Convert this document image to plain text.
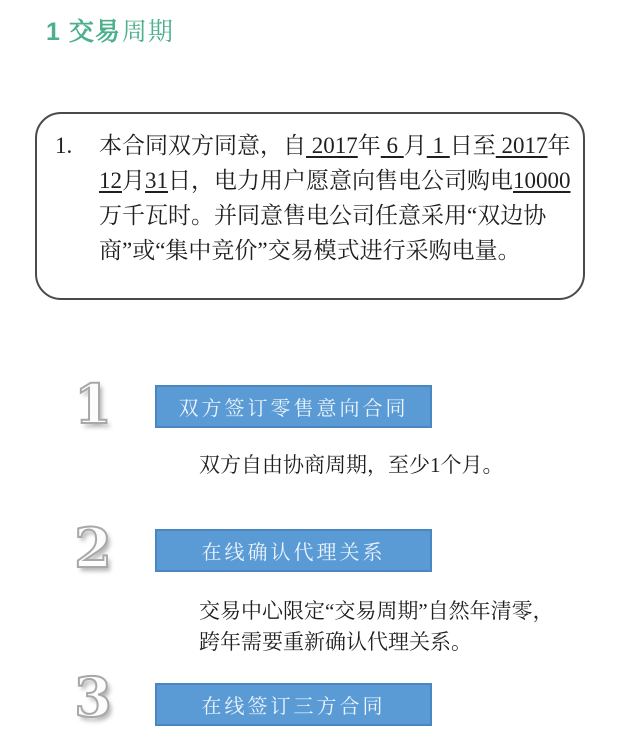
1 交易周期
1.	本合同双方同意，自 2017年 6 月 1 日至 2017年12月31日，电力用户愿意向售电公司购电10000万千瓦时。并同意售电公司任意采用“双边协商”或“集中竞价”交易模式进行采购电量。
1	双方签订零售意向合同
双方自由协商周期，至少1个月。
2	在线确认代理关系
交易中心限定“交易周期”自然年清零，
跨年需要重新确认代理关系。
3	在线签订三方合同
